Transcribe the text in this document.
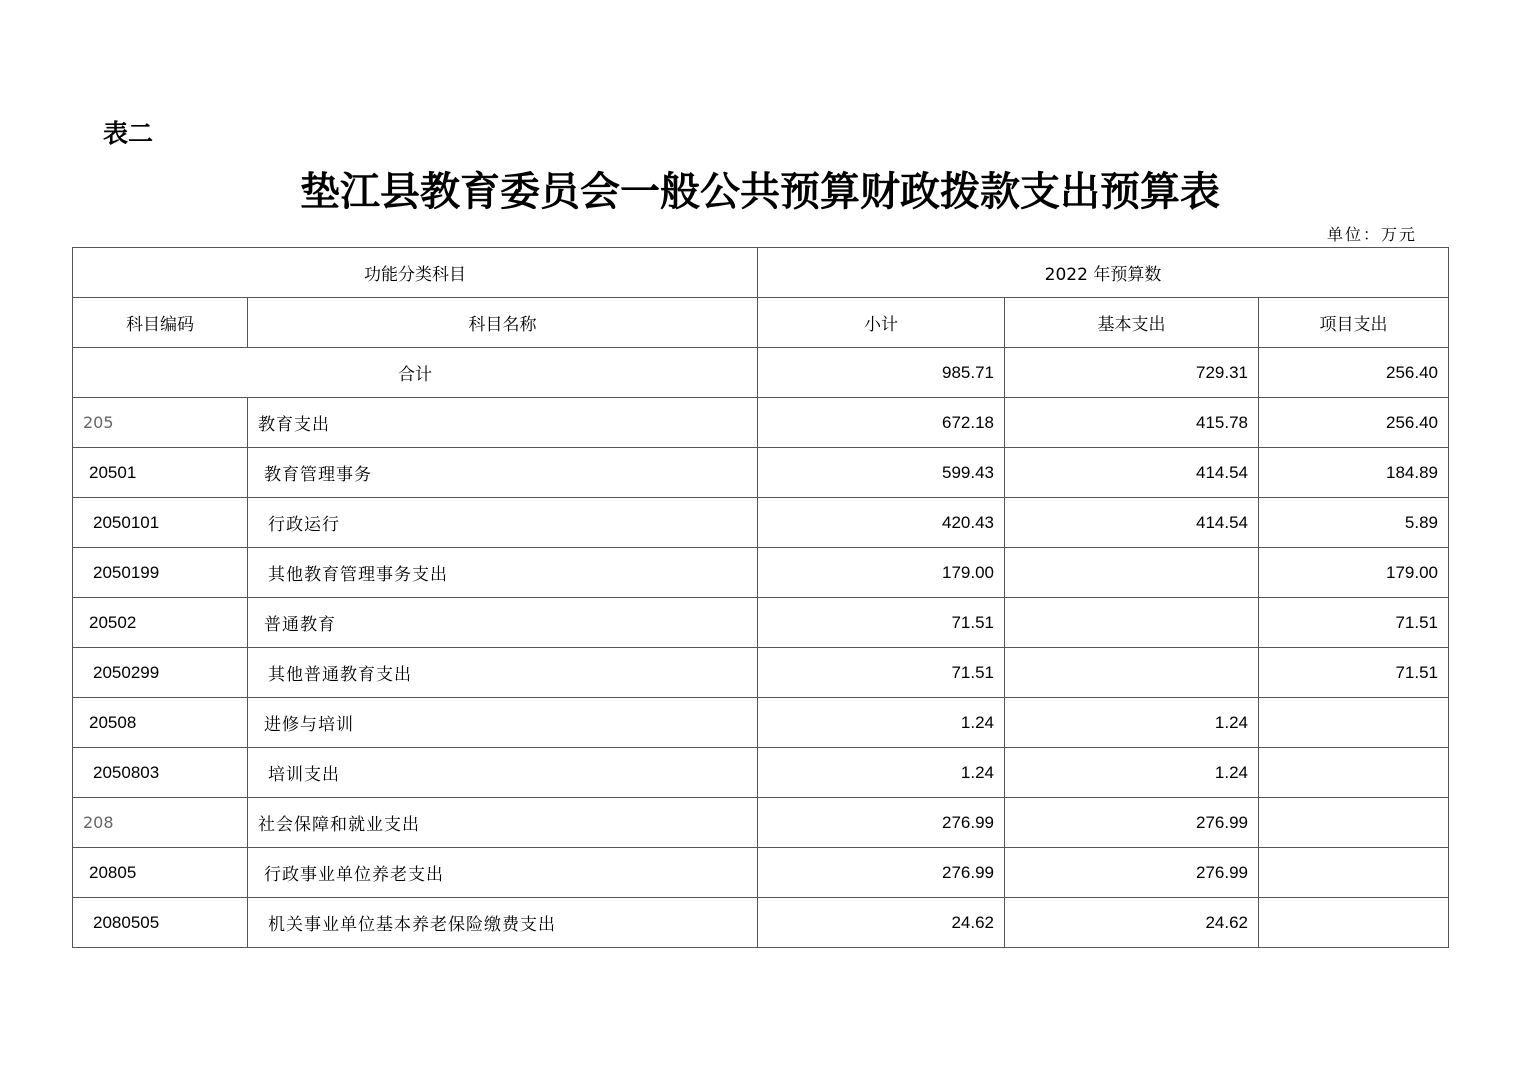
表二
垫江县教育委员会一般公共预算财政拨款支出预算表
单位：万元
功能分类科目		2022 年预算数		
科目编码	科目名称	小计	基本支出	项目支出
合计		985.71	729.31	256.40
205	教育支出	672.18	415.78	256.40
20501	教育管理事务	599.43	414.54	184.89
2050101	行政运行	420.43	414.54	5.89
2050199	其他教育管理事务支出	179.00		179.00
20502	普通教育	71.51		71.51
2050299	其他普通教育支出	71.51		71.51
20508	进修与培训	1.24	1.24	
2050803	培训支出	1.24	1.24	
208	社会保障和就业支出	276.99	276.99	
20805	行政事业单位养老支出	276.99	276.99	
2080505	机关事业单位基本养老保险缴费支出	24.62	24.62	
